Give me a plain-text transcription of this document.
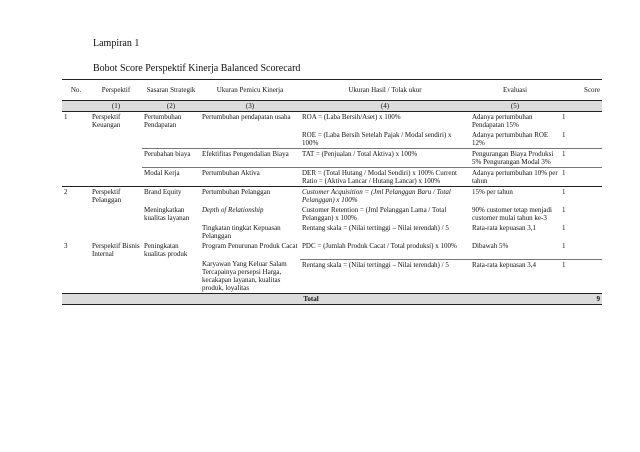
Lampiran 1
Bobot Score Perspektif Kinerja Balanced Scorecard
No.	Perspektif	Sasaran Strategik	Ukuran Pemicu Kinerja	Ukuran Hasil / Tolak ukur	Evaluasi	Score
	(1)	(2)	(3)	(4)	(5)	
1	Perspektif Keuangan	Pertumbuhan Pendapatan	Pertumbuhan pendapatan usaha	ROA = (Laba Bersih/Aset) x 100%	Adanya pertumbuhan Pendapatan 15%	1
				ROE = (Laba Bersih Setelah Pajak / Modal sendiri) x 100%	Adanya pertumbuhan ROE 12%	1
		Perubahan biaya	Efektifitas Pengendalian Biaya	TAT = (Penjualan / Total Aktiva) x 100%	Pengurangan Biaya Produksi 5% Pengurangan Modal 3%	1
		Modal Kerja	Pertumbuhan Aktiva	DER = (Total Hutang / Modal Sendiri) x 100% Current Ratio = (Aktiva Lancar / Hutang Lancar) x 100%	Adanya pertumbuhan 10% per tahun	1
2	Perspektif Pelanggan	Brand Equity	Pertumbuhan Pelanggan	Customer Acquisition = (Jml Pelanggan Baru / Total Pelanggan) x 100%	15% per tahun	1
		Meningkatkan kualitas layanan	Depth of Relationship	Customer Retention = (Jml Pelanggan Lama / Total Pelanggan) x 100%	90% customer tetap menjadi customer mulai tahun ke-3	1
			Tingkatan tingkat Kepuasan Pelanggan	Rentang skala = (Nilai tertinggi – Nilai terendah) / 5	Rata-rata kepuasan 3,1	1
3	Perspektif Bisnis Internal	Peningkatan kualitas produk	Program Penurunan Produk Cacat	PDC = (Jumlah Produk Cacat / Total produksi) x 100%	Dibawah 5%	1
			Karyawan Yang Keluar Salam Tercapainya persepsi Harga, kecakapan layanan, kualitas produk, loyalitas	Rentang skala = (Nilai tertinggi – Nilai terendah) / 5	Rata-rata kepuasan 3,4	1
Total						9
